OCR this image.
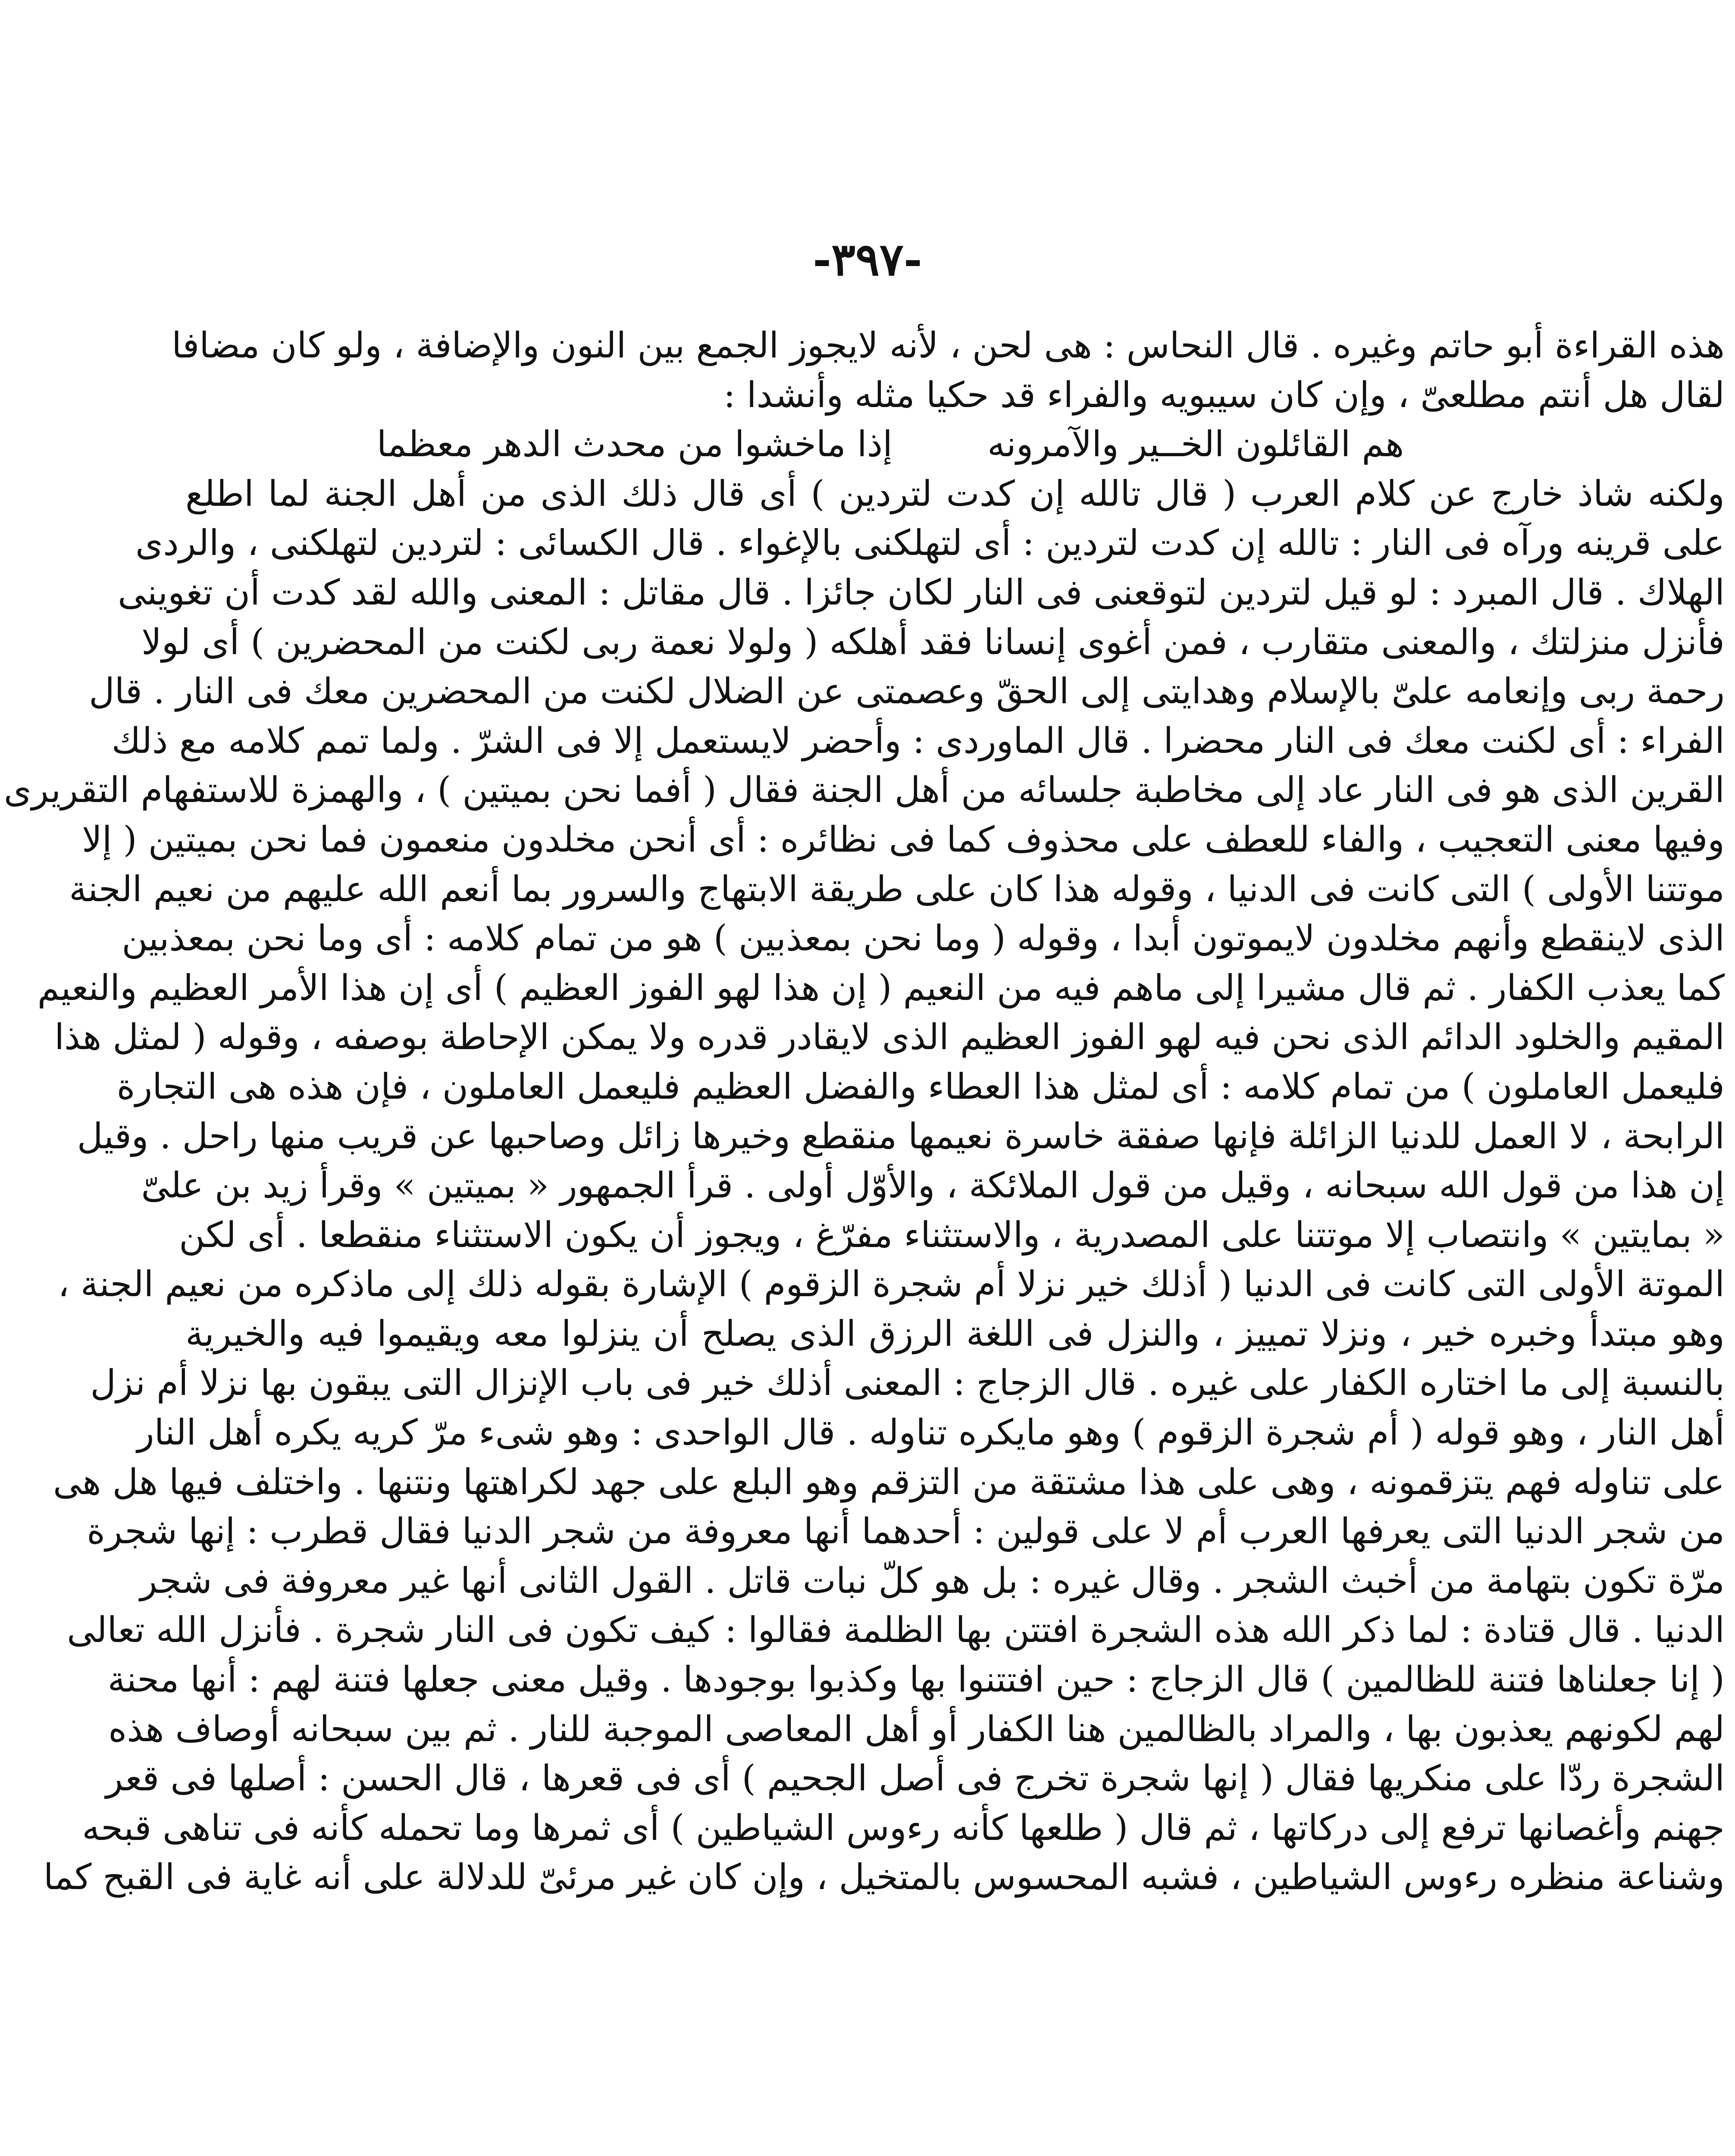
-٣٩٧-
هذه القراءة أبو حاتم وغيره . قال النحاس : هى لحن ، لأنه لايجوز الجمع بين النون والإضافة ، ولو كان مضافا
لقال هل أنتم مطلعىّ ، وإن كان سيبويه والفراء قد حكيا مثله وأنشدا :
هم القائلون الخــير والآمرونه
إذا ماخشوا من محدث الدهر معظما
ولكنه شاذ خارج عن كلام العرب ( قال تالله إن كدت لتردين ) أى قال ذلك الذى من أهل الجنة لما اطلع
على قرينه ورآه فى النار : تالله إن كدت لتردين : أى لتهلكنى بالإغواء . قال الكسائى : لتردين لتهلكنى ، والردى
الهلاك . قال المبرد : لو قيل لتردين لتوقعنى فى النار لكان جائزا . قال مقاتل : المعنى والله لقد كدت أن تغوينى
فأنزل منزلتك ، والمعنى متقارب ، فمن أغوى إنسانا فقد أهلكه ( ولولا نعمة ربى لكنت من المحضرين ) أى لولا
رحمة ربى وإنعامه علىّ بالإسلام وهدايتى إلى الحقّ وعصمتى عن الضلال لكنت من المحضرين معك فى النار . قال
الفراء : أى لكنت معك فى النار محضرا . قال الماوردى : وأحضر لايستعمل إلا فى الشرّ . ولما تمم كلامه مع ذلك
القرين الذى هو فى النار عاد إلى مخاطبة جلسائه من أهل الجنة فقال ( أفما نحن بميتين ) ، والهمزة للاستفهام التقريرى
وفيها معنى التعجيب ، والفاء للعطف على محذوف كما فى نظائره : أى أنحن مخلدون منعمون فما نحن بميتين ( إلا
موتتنا الأولى ) التى كانت فى الدنيا ، وقوله هذا كان على طريقة الابتهاج والسرور بما أنعم الله عليهم من نعيم الجنة
الذى لاينقطع وأنهم مخلدون لايموتون أبدا ، وقوله ( وما نحن بمعذبين ) هو من تمام كلامه : أى وما نحن بمعذبين
كما يعذب الكفار . ثم قال مشيرا إلى ماهم فيه من النعيم ( إن هذا لهو الفوز العظيم ) أى إن هذا الأمر العظيم والنعيم
المقيم والخلود الدائم الذى نحن فيه لهو الفوز العظيم الذى لايقادر قدره ولا يمكن الإحاطة بوصفه ، وقوله ( لمثل هذا
فليعمل العاملون ) من تمام كلامه : أى لمثل هذا العطاء والفضل العظيم فليعمل العاملون ، فإن هذه هى التجارة
الرابحة ، لا العمل للدنيا الزائلة فإنها صفقة خاسرة نعيمها منقطع وخيرها زائل وصاحبها عن قريب منها راحل . وقيل
إن هذا من قول الله سبحانه ، وقيل من قول الملائكة ، والأوّل أولى . قرأ الجمهور « بميتين » وقرأ زيد بن علىّ
« بمايتين » وانتصاب إلا موتتنا على المصدرية ، والاستثناء مفرّغ ، ويجوز أن يكون الاستثناء منقطعا . أى لكن
الموتة الأولى التى كانت فى الدنيا ( أذلك خير نزلا أم شجرة الزقوم ) الإشارة بقوله ذلك إلى ماذكره من نعيم الجنة ،
وهو مبتدأ وخبره خير ، ونزلا تمييز ، والنزل فى اللغة الرزق الذى يصلح أن ينزلوا معه ويقيموا فيه والخيرية
بالنسبة إلى ما اختاره الكفار على غيره . قال الزجاج : المعنى أذلك خير فى باب الإنزال التى يبقون بها نزلا أم نزل
أهل النار ، وهو قوله ( أم شجرة الزقوم ) وهو مايكره تناوله . قال الواحدى : وهو شىء مرّ كريه يكره أهل النار
على تناوله فهم يتزقمونه ، وهى على هذا مشتقة من التزقم وهو البلع على جهد لكراهتها ونتنها . واختلف فيها هل هى
من شجر الدنيا التى يعرفها العرب أم لا على قولين : أحدهما أنها معروفة من شجر الدنيا فقال قطرب : إنها شجرة
مرّة تكون بتهامة من أخبث الشجر . وقال غيره : بل هو كلّ نبات قاتل . القول الثانى أنها غير معروفة فى شجر
الدنيا . قال قتادة : لما ذكر الله هذه الشجرة افتتن بها الظلمة فقالوا : كيف تكون فى النار شجرة . فأنزل الله تعالى
( إنا جعلناها فتنة للظالمين ) قال الزجاج : حين افتتنوا بها وكذبوا بوجودها . وقيل معنى جعلها فتنة لهم : أنها محنة
لهم لكونهم يعذبون بها ، والمراد بالظالمين هنا الكفار أو أهل المعاصى الموجبة للنار . ثم بين سبحانه أوصاف هذه
الشجرة ردّا على منكريها فقال ( إنها شجرة تخرج فى أصل الجحيم ) أى فى قعرها ، قال الحسن : أصلها فى قعر
جهنم وأغصانها ترفع إلى دركاتها ، ثم قال ( طلعها كأنه رءوس الشياطين ) أى ثمرها وما تحمله كأنه فى تناهى قبحه
وشناعة منظره رءوس الشياطين ، فشبه المحسوس بالمتخيل ، وإن كان غير مرئىّ للدلالة على أنه غاية فى القبح كما
